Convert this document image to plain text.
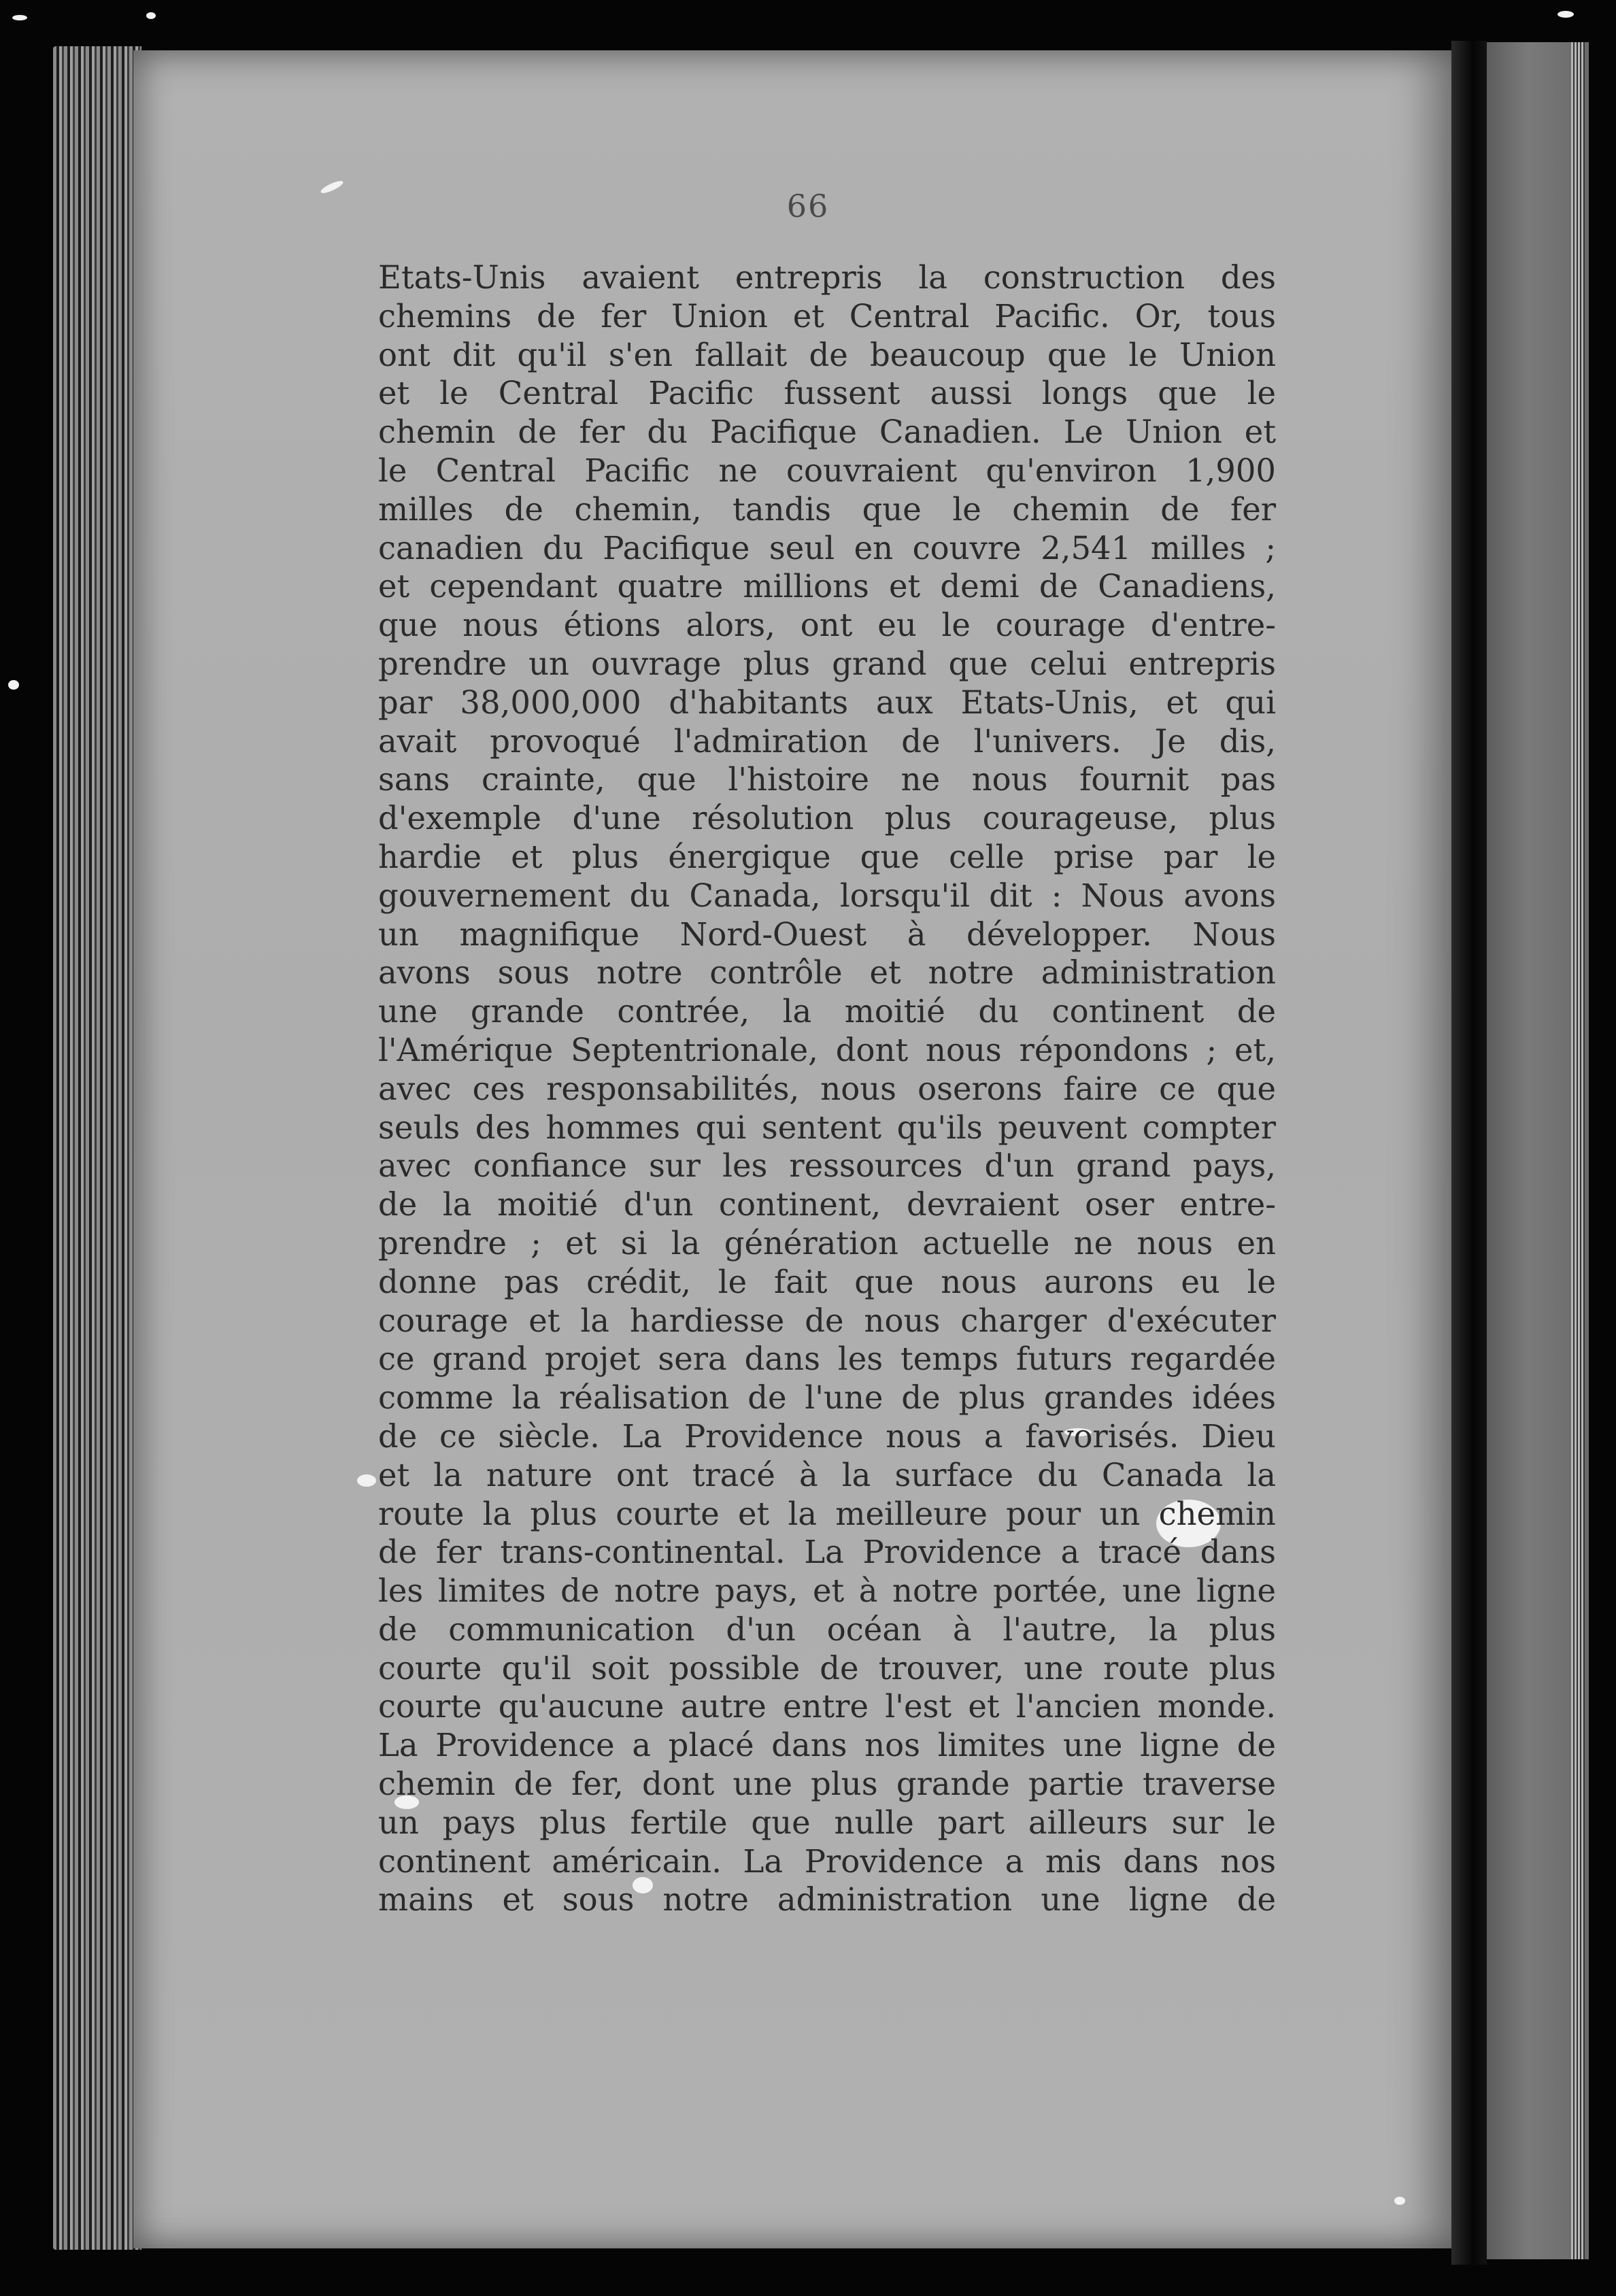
66
Etats-Unis avaient entrepris la construction des
chemins de fer Union et Central Pacific. Or, tous
ont dit qu'il s'en fallait de beaucoup que le Union
et le Central Pacific fussent aussi longs que le
chemin de fer du Pacifique Canadien. Le Union et
le Central Pacific ne couvraient qu'environ 1,900
milles de chemin, tandis que le chemin de fer
canadien du Pacifique seul en couvre 2,541 milles ;
et cependant quatre millions et demi de Canadiens,
que nous étions alors, ont eu le courage d'entre-
prendre un ouvrage plus grand que celui entrepris
par 38,000,000 d'habitants aux Etats-Unis, et qui
avait provoqué l'admiration de l'univers. Je dis,
sans crainte, que l'histoire ne nous fournit pas
d'exemple d'une résolution plus courageuse, plus
hardie et plus énergique que celle prise par le
gouvernement du Canada, lorsqu'il dit : Nous avons
un magnifique Nord-Ouest à développer. Nous
avons sous notre contrôle et notre administration
une grande contrée, la moitié du continent de
l'Amérique Septentrionale, dont nous répondons ; et,
avec ces responsabilités, nous oserons faire ce que
seuls des hommes qui sentent qu'ils peuvent compter
avec confiance sur les ressources d'un grand pays,
de la moitié d'un continent, devraient oser entre-
prendre ; et si la génération actuelle ne nous en
donne pas crédit, le fait que nous aurons eu le
courage et la hardiesse de nous charger d'exécuter
ce grand projet sera dans les temps futurs regardée
comme la réalisation de l'une de plus grandes idées
de ce siècle. La Providence nous a favorisés. Dieu
et la nature ont tracé à la surface du Canada la
route la plus courte et la meilleure pour un chemin
de fer trans-continental. La Providence a tracé dans
les limites de notre pays, et à notre portée, une ligne
de communication d'un océan à l'autre, la plus
courte qu'il soit possible de trouver, une route plus
courte qu'aucune autre entre l'est et l'ancien monde.
La Providence a placé dans nos limites une ligne de
chemin de fer, dont une plus grande partie traverse
un pays plus fertile que nulle part ailleurs sur le
continent américain. La Providence a mis dans nos
mains et sous notre administration une ligne de
